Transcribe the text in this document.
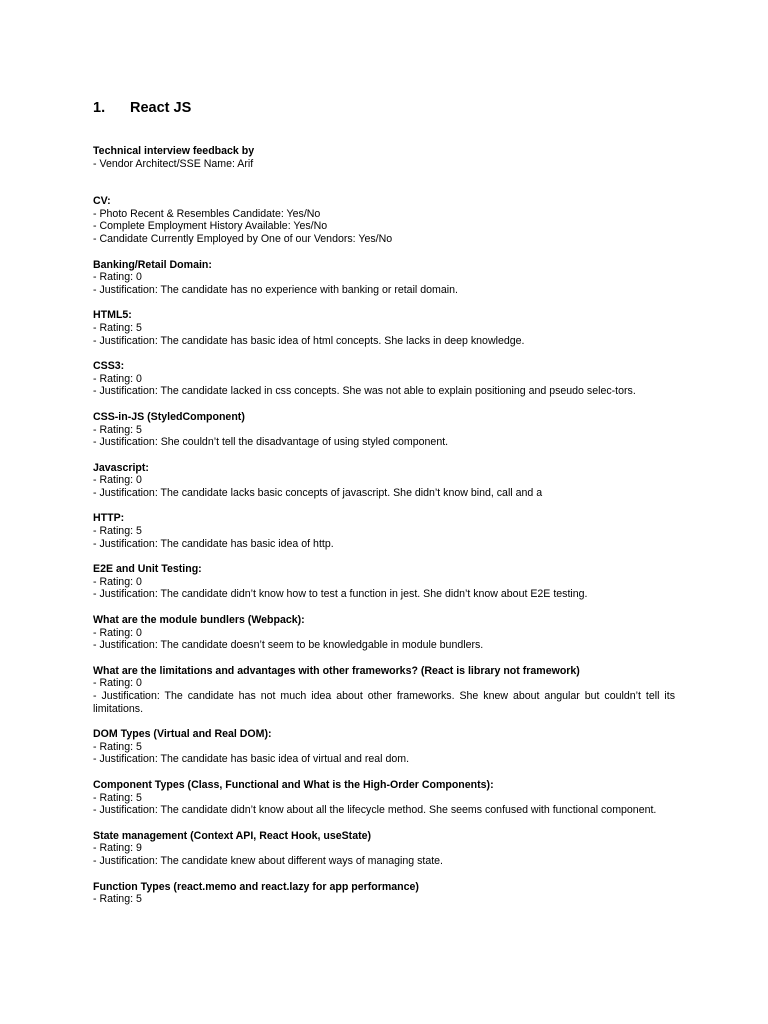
1.	React JS
Technical interview feedback by
- Vendor Architect/SSE Name: Arif
CV:
- Photo Recent & Resembles Candidate: Yes/No
- Complete Employment History Available: Yes/No
- Candidate Currently Employed by One of our Vendors: Yes/No
Banking/Retail Domain:
- Rating: 0
- Justification: The candidate has no experience with banking or retail domain.
HTML5:
- Rating: 5
- Justification: The candidate has basic idea of html concepts. She lacks in deep knowledge.
CSS3:
- Rating: 0
- Justification: The candidate lacked in css concepts. She was not able to explain positioning and pseudo selec-tors.
CSS-in-JS (StyledComponent)
- Rating: 5
- Justification: She couldn’t tell the disadvantage of using styled component.
Javascript:
- Rating: 0
- Justification: The candidate lacks basic concepts of javascript. She didn’t know bind, call and a
HTTP:
- Rating: 5
- Justification: The candidate has basic idea of http.
E2E and Unit Testing:
- Rating: 0
- Justification: The candidate didn’t know how to test a function in jest. She didn’t know about E2E testing.
What are the module bundlers (Webpack):
- Rating: 0
- Justification: The candidate doesn’t seem to be knowledgable in module bundlers.
What are the limitations and advantages with other frameworks? (React is library not framework)
- Rating: 0
- Justification: The candidate has not much idea about other frameworks. She knew about angular but couldn’t tell its limitations.
DOM Types (Virtual and Real DOM):
- Rating: 5
- Justification: The candidate has basic idea of virtual and real dom.
Component Types (Class, Functional and What is the High-Order Components):
- Rating: 5
- Justification: The candidate didn’t know about all the lifecycle method. She seems confused with functional component.
State management (Context API, React Hook, useState)
- Rating: 9
- Justification: The candidate knew about different ways of managing state.
Function Types (react.memo and react.lazy for app performance)
- Rating: 5
